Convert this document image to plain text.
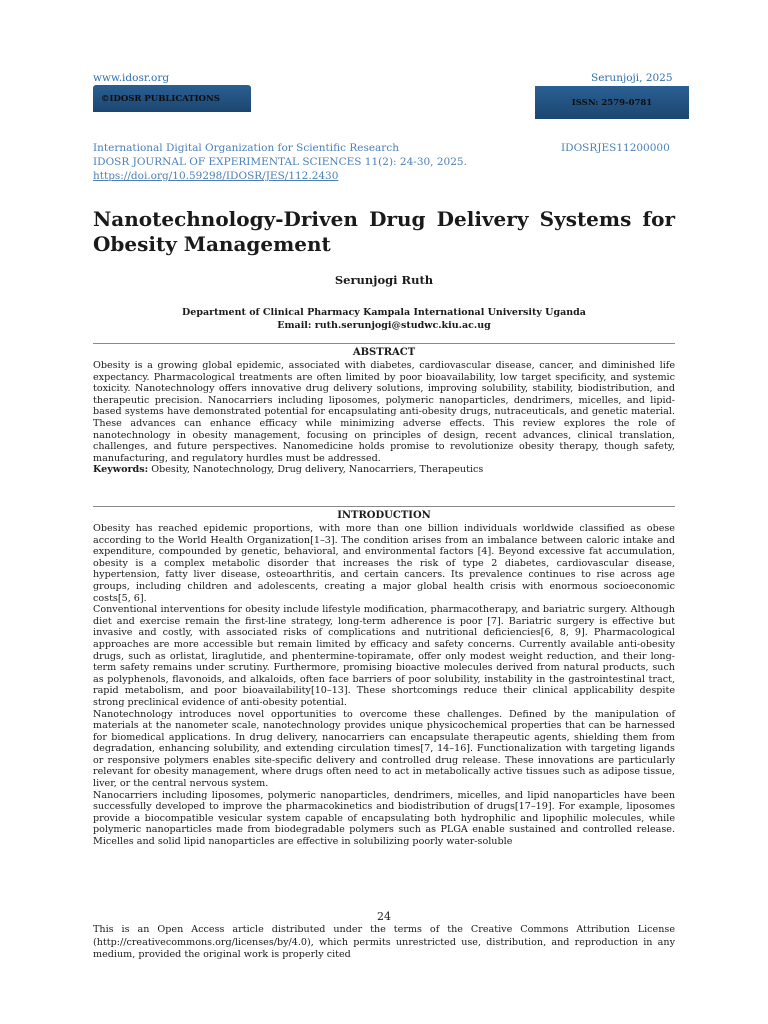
www.idosr.org	Serunjoji, 2025
©IDOSR PUBLICATIONS	ISSN: 2579-0781
International Digital Organization for Scientific Research	IDOSRJES11200000
IDOSR JOURNAL OF EXPERIMENTAL SCIENCES 11(2): 24-30, 2025.
https://doi.org/10.59298/IDOSR/JES/112.2430
Nanotechnology-Driven Drug Delivery Systems for Obesity Management
Serunjogi Ruth
Department of Clinical Pharmacy Kampala International University Uganda
Email: ruth.serunjogi@studwc.kiu.ac.ug
ABSTRACT

Obesity is a growing global epidemic, associated with diabetes, cardiovascular disease, cancer, and diminished life expectancy. Pharmacological treatments are often limited by poor bioavailability, low target specificity, and systemic toxicity. Nanotechnology offers innovative drug delivery solutions, improving solubility, stability, biodistribution, and therapeutic precision. Nanocarriers including liposomes, polymeric nanoparticles, dendrimers, micelles, and lipid-based systems have demonstrated potential for encapsulating anti-obesity drugs, nutraceuticals, and genetic material. These advances can enhance efficacy while minimizing adverse effects. This review explores the role of nanotechnology in obesity management, focusing on principles of design, recent advances, clinical translation, challenges, and future perspectives. Nanomedicine holds promise to revolutionize obesity therapy, though safety, manufacturing, and regulatory hurdles must be addressed.

Keywords: Obesity, Nanotechnology, Drug delivery, Nanocarriers, Therapeutics

INTRODUCTION

Obesity has reached epidemic proportions, with more than one billion individuals worldwide classified as obese according to the World Health Organization[1–3]. The condition arises from an imbalance between caloric intake and expenditure, compounded by genetic, behavioral, and environmental factors [4]. Beyond excessive fat accumulation, obesity is a complex metabolic disorder that increases the risk of type 2 diabetes, cardiovascular disease, hypertension, fatty liver disease, osteoarthritis, and certain cancers. Its prevalence continues to rise across age groups, including children and adolescents, creating a major global health crisis with enormous socioeconomic costs[5, 6].

Conventional interventions for obesity include lifestyle modification, pharmacotherapy, and bariatric surgery. Although diet and exercise remain the first-line strategy, long-term adherence is poor [7]. Bariatric surgery is effective but invasive and costly, with associated risks of complications and nutritional deficiencies[6, 8, 9]. Pharmacological approaches are more accessible but remain limited by efficacy and safety concerns. Currently available anti-obesity drugs, such as orlistat, liraglutide, and phentermine-topiramate, offer only modest weight reduction, and their long-term safety remains under scrutiny. Furthermore, promising bioactive molecules derived from natural products, such as polyphenols, flavonoids, and alkaloids, often face barriers of poor solubility, instability in the gastrointestinal tract, rapid metabolism, and poor bioavailability[10–13]. These shortcomings reduce their clinical applicability despite strong preclinical evidence of anti-obesity potential.

Nanotechnology introduces novel opportunities to overcome these challenges. Defined by the manipulation of materials at the nanometer scale, nanotechnology provides unique physicochemical properties that can be harnessed for biomedical applications. In drug delivery, nanocarriers can encapsulate therapeutic agents, shielding them from degradation, enhancing solubility, and extending circulation times[7, 14–16]. Functionalization with targeting ligands or responsive polymers enables site-specific delivery and controlled drug release. These innovations are particularly relevant for obesity management, where drugs often need to act in metabolically active tissues such as adipose tissue, liver, or the central nervous system.

Nanocarriers including liposomes, polymeric nanoparticles, dendrimers, micelles, and lipid nanoparticles have been successfully developed to improve the pharmacokinetics and biodistribution of drugs[17–19]. For example, liposomes provide a biocompatible vesicular system capable of encapsulating both hydrophilic and lipophilic molecules, while polymeric nanoparticles made from biodegradable polymers such as PLGA enable sustained and controlled release. Micelles and solid lipid nanoparticles are effective in solubilizing poorly water-soluble

24
This is an Open Access article distributed under the terms of the Creative Commons Attribution License (http://creativecommons.org/licenses/by/4.0), which permits unrestricted use, distribution, and reproduction in any medium, provided the original work is properly cited
